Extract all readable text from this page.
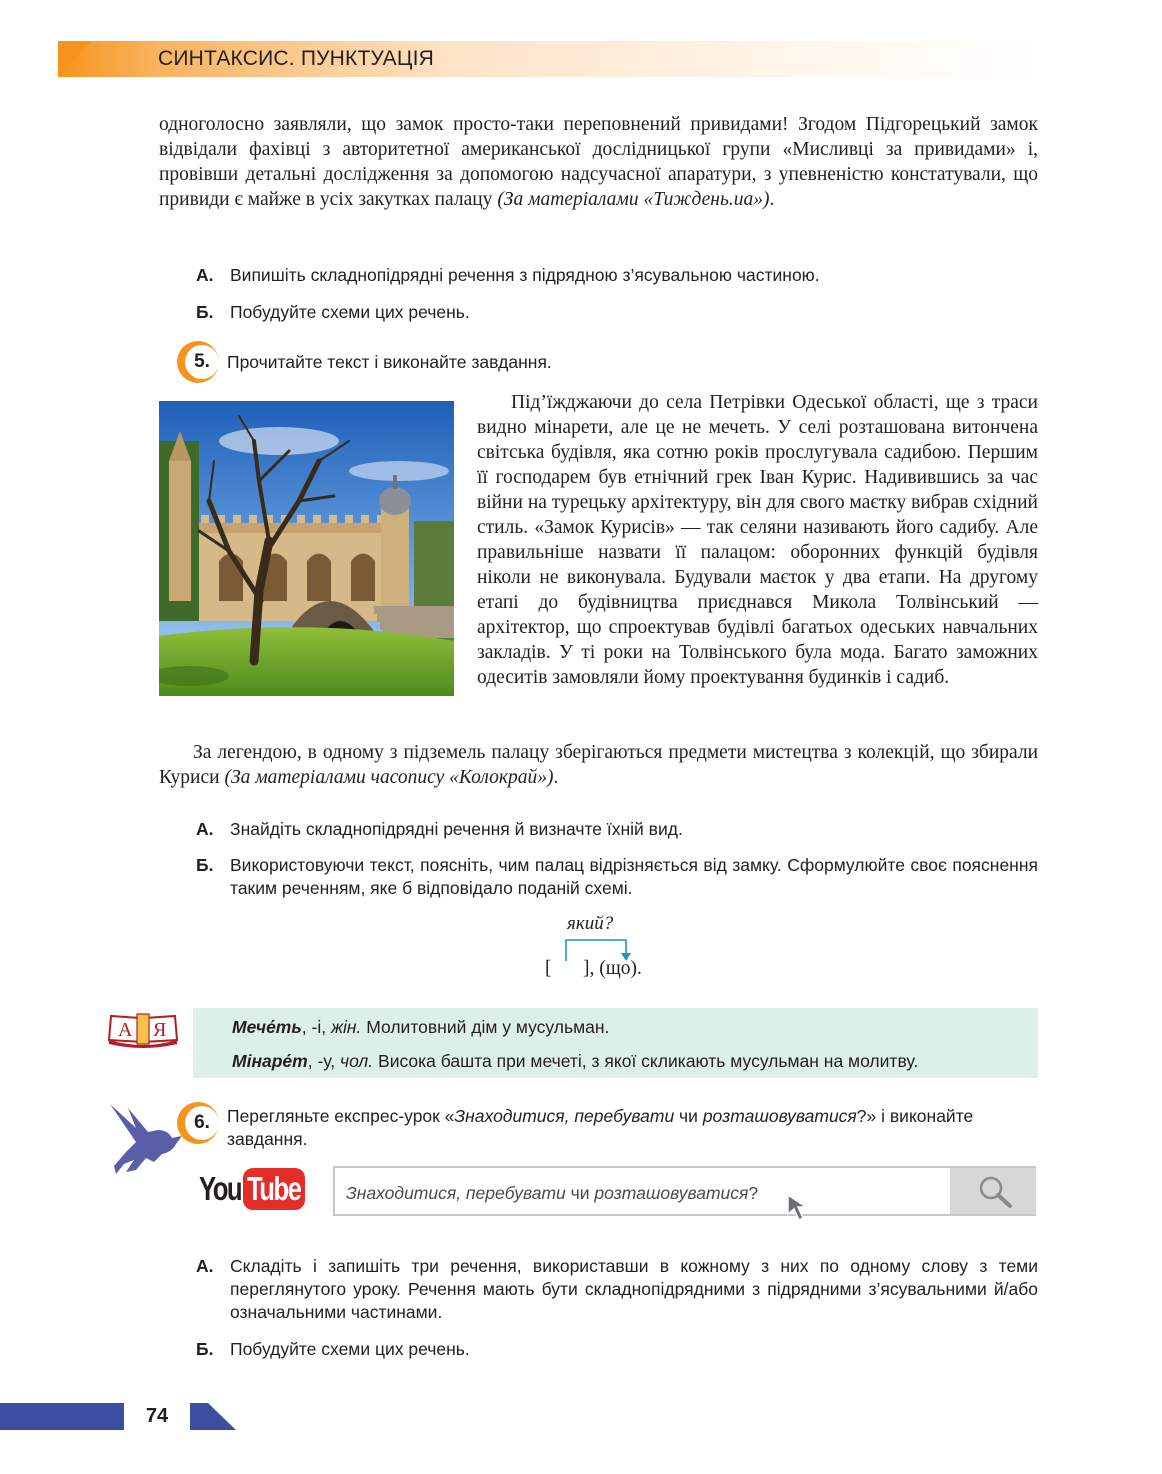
СИНТАКСИС. ПУНКТУАЦІЯ

одноголосно заявляли, що замок просто-таки переповнений привидами! Згодом Підгорецький замок відвідали фахівці з авторитетної американської дослідницької групи «Мисливці за привидами» і, провівши детальні дослідження за допомогою надсучасної апаратури, з упевненістю констатували, що привиди є майже в усіх закутках палацу (За матеріалами «Тиждень.ua»).

А. Випишіть складнопідрядні речення з підрядною з’ясувальною частиною.
Б. Побудуйте схеми цих речень.
5. Прочитайте текст і виконайте завдання.

Під’їжджаючи до села Петрівки Одеської області, ще з траси видно мінарети, але це не мечеть. У селі розташована витончена світська будівля, яка сотню років прослугувала садибою. Першим її господарем був етнічний грек Іван Курис. Надивившись за час війни на турецьку архітектуру, він для свого маєтку вибрав східний стиль. «Замок Курисів» — так селяни називають його садибу. Але правильніше назвати її палацом: оборонних функцій будівля ніколи не виконувала. Будували маєток у два етапи. На другому етапі до будівництва приєднався Микола Толвінський — архітектор, що спроектував будівлі багатьох одеських навчальних закладів. У ті роки на Толвінського була мода. Багато заможних одеситів замовляли йому проектування будинків і садиб.

За легендою, в одному з підземель палацу зберігаються предмети мистецтва з колекцій, що збирали Куриси (За матеріалами часопису «Колокрай»).

А. Знайдіть складнопідрядні речення й визначте їхній вид.
Б. Використовуючи текст, поясніть, чим палац відрізняється від замку. Сформулюйте своє пояснення таким реченням, яке б відповідало поданій схемі.
який?
[ ], (що).
А Я	Мече́ть, -і, жін. Молитовний дім у мусульман.
Мінаре́т, -у, чол. Висока башта при мечеті, з якої скликають мусульман на молитву.
6. Перегляньте експрес-урок «Знаходитися, перебувати чи розташовуватися?» і виконайте завдання.
You Tube	Знаходитися, перебувати чи розташовуватися?
А. Складіть і запишіть три речення, використавши в кожному з них по одному слову з теми переглянутого уроку. Речення мають бути складнопідрядними з підрядними з’ясувальними й/або означальними частинами.
Б. Побудуйте схеми цих речень.
74
